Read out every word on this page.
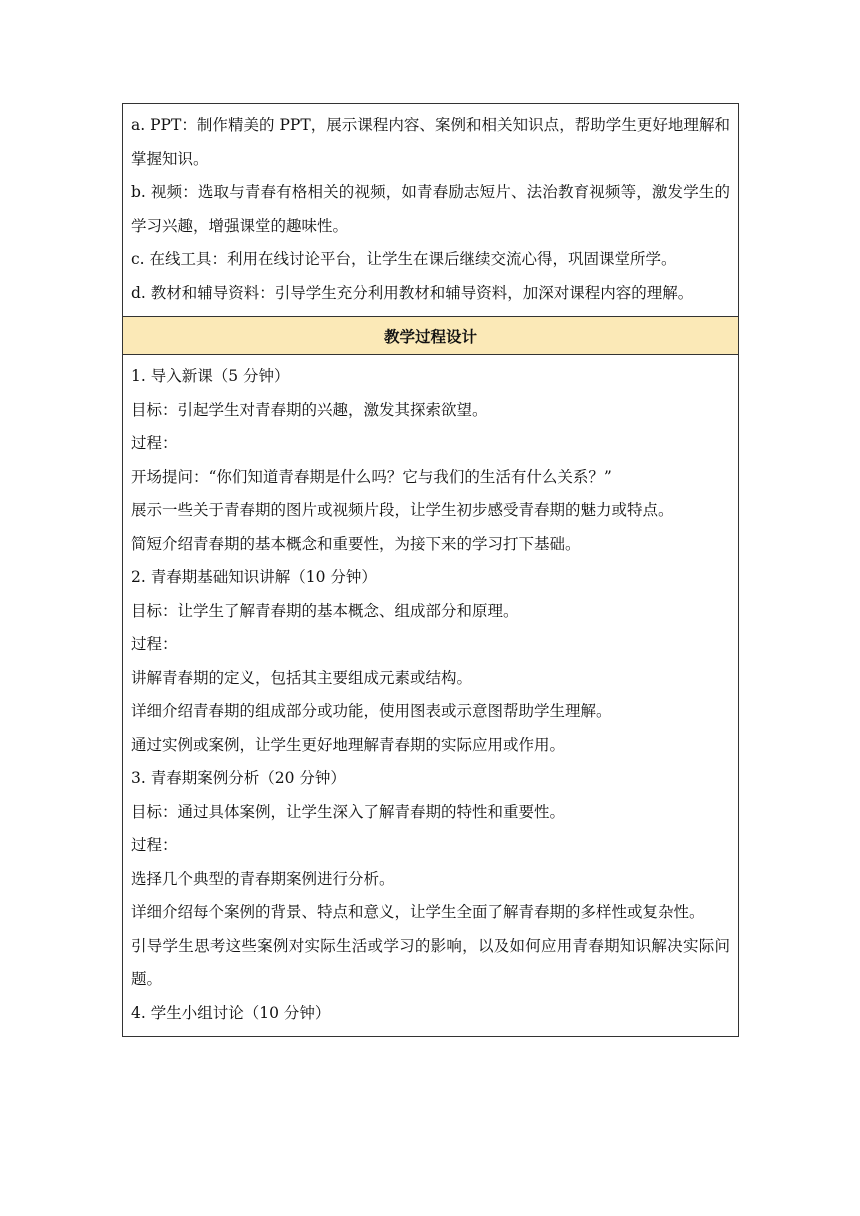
a. PPT：制作精美的 PPT，展示课程内容、案例和相关知识点，帮助学生更好地理解和掌握知识。

b. 视频：选取与青春有格相关的视频，如青春励志短片、法治教育视频等，激发学生的学习兴趣，增强课堂的趣味性。

c. 在线工具：利用在线讨论平台，让学生在课后继续交流心得，巩固课堂所学。

d. 教材和辅导资料：引导学生充分利用教材和辅导资料，加深对课程内容的理解。

教学过程设计

1. 导入新课（5 分钟）

目标：引起学生对青春期的兴趣，激发其探索欲望。

过程：

开场提问：“你们知道青春期是什么吗？它与我们的生活有什么关系？”

展示一些关于青春期的图片或视频片段，让学生初步感受青春期的魅力或特点。

简短介绍青春期的基本概念和重要性，为接下来的学习打下基础。

2. 青春期基础知识讲解（10 分钟）

目标：让学生了解青春期的基本概念、组成部分和原理。

过程：

讲解青春期的定义，包括其主要组成元素或结构。

详细介绍青春期的组成部分或功能，使用图表或示意图帮助学生理解。

通过实例或案例，让学生更好地理解青春期的实际应用或作用。

3. 青春期案例分析（20 分钟）

目标：通过具体案例，让学生深入了解青春期的特性和重要性。

过程：

选择几个典型的青春期案例进行分析。

详细介绍每个案例的背景、特点和意义，让学生全面了解青春期的多样性或复杂性。

引导学生思考这些案例对实际生活或学习的影响，以及如何应用青春期知识解决实际问题。

4. 学生小组讨论（10 分钟）
